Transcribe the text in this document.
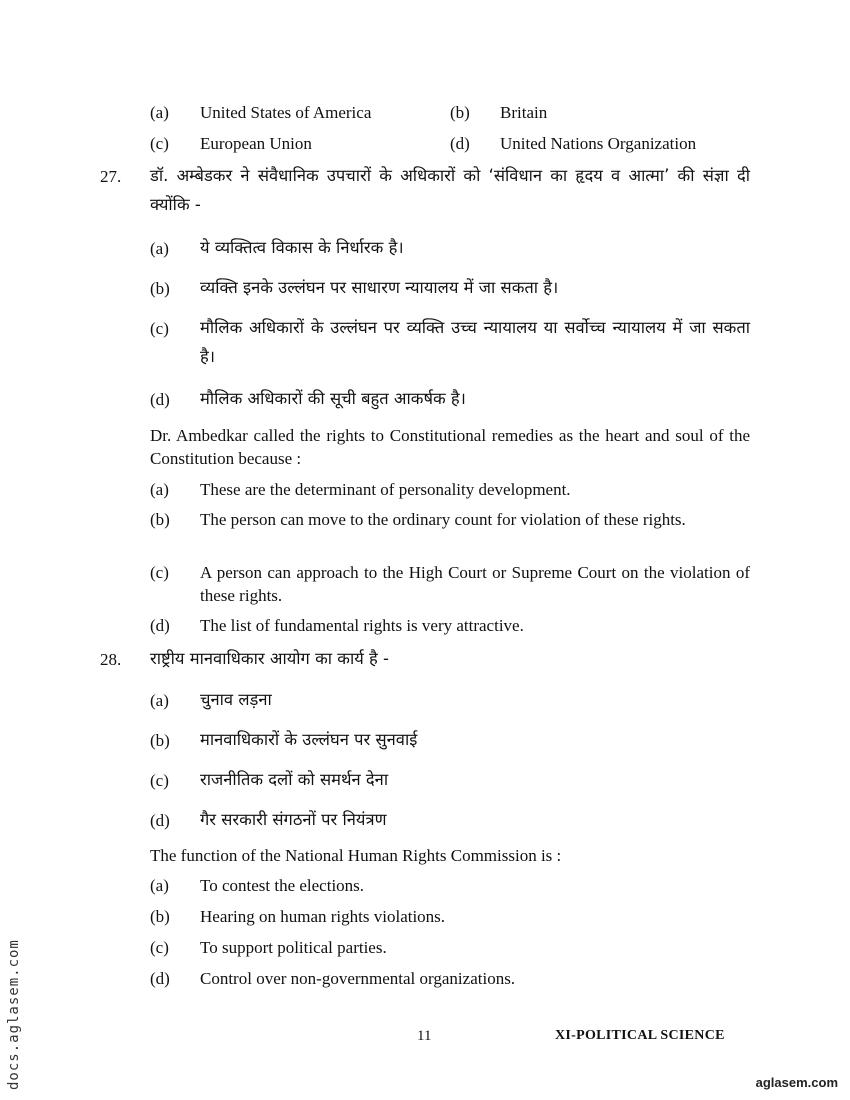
(a) United States of America	(b) Britain
(c) European Union	(d) United Nations Organization
27. डॉ. अम्बेडकर ने संवैधानिक उपचारों के अधिकारों को ‘संविधान का हृदय व आत्मा’ की संज्ञा दी क्योंकि -
(a) ये व्यक्तित्व विकास के निर्धारक है।
(b) व्यक्ति इनके उल्लंघन पर साधारण न्यायालय में जा सकता है।
(c) मौलिक अधिकारों के उल्लंघन पर व्यक्ति उच्च न्यायालय या सर्वोच्च न्यायालय में जा सकता है।
(d) मौलिक अधिकारों की सूची बहुत आकर्षक है।
Dr. Ambedkar called the rights to Constitutional remedies as the heart and soul of the Constitution because :
(a) These are the determinant of personality development.
(b) The person can move to the ordinary count for violation of these rights.
(c) A person can approach to the High Court or Supreme Court on the violation of these rights.
(d) The list of fundamental rights is very attractive.
28. राष्ट्रीय मानवाधिकार आयोग का कार्य है -
(a) चुनाव लड़ना
(b) मानवाधिकारों के उल्लंघन पर सुनवाई
(c) राजनीतिक दलों को समर्थन देना
(d) गैर सरकारी संगठनों पर नियंत्रण
The function of the National Human Rights Commission is :
(a) To contest the elections.
(b) Hearing on human rights violations.
(c) To support political parties.
(d) Control over non-governmental organizations.
11	XI-POLITICAL SCIENCE
docs.aglasem.com	aglasem.com
